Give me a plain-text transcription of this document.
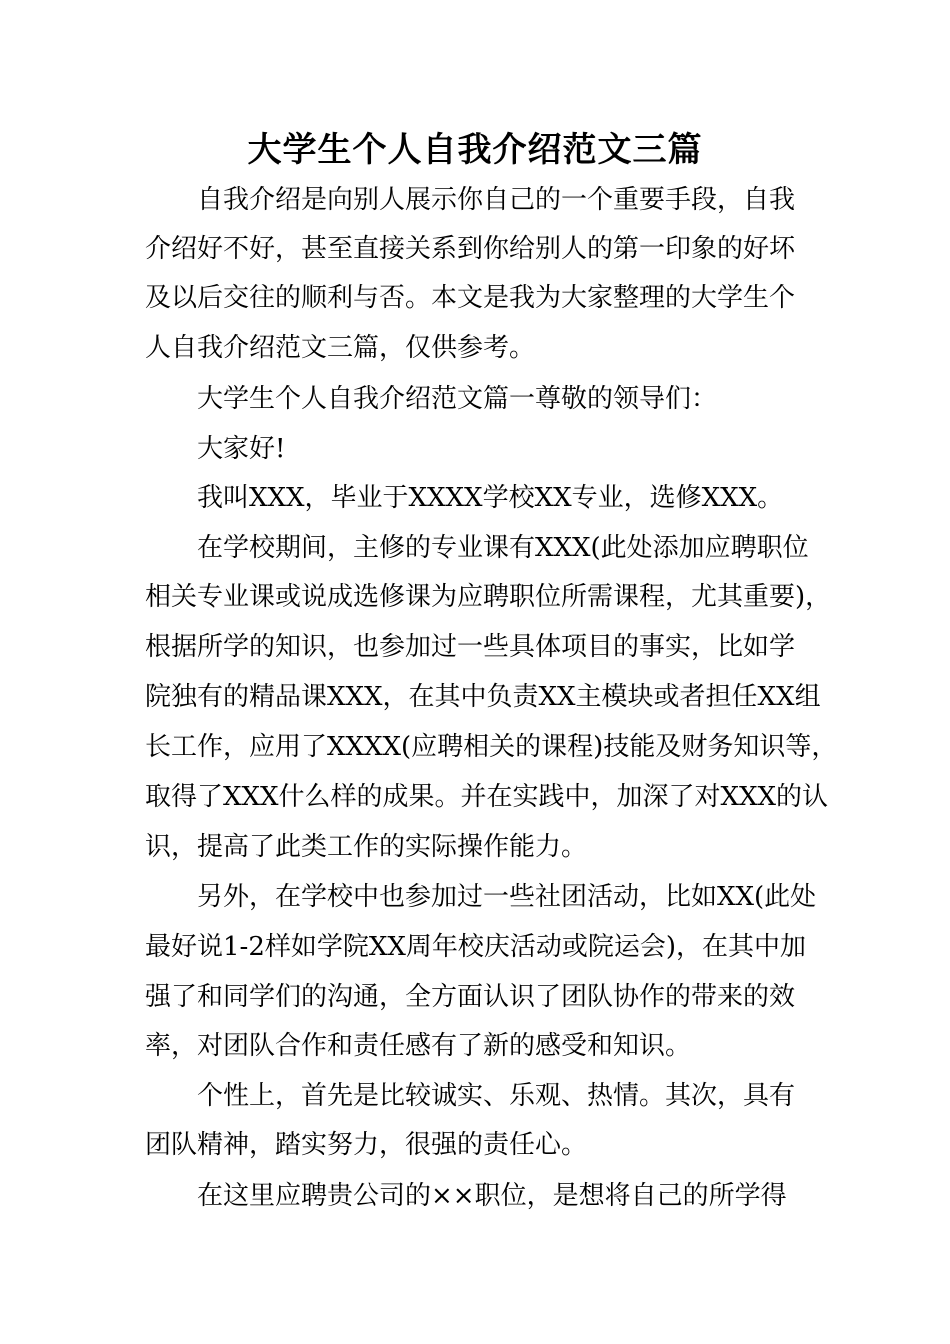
大学生个人自我介绍范文三篇
自我介绍是向别人展示你自己的一个重要手段，自我
介绍好不好，甚至直接关系到你给别人的第一印象的好坏
及以后交往的顺利与否。本文是我为大家整理的大学生个
人自我介绍范文三篇，仅供参考。
大学生个人自我介绍范文篇一尊敬的领导们：
大家好!
我叫XXX，毕业于XXXX学校XX专业，选修XXX。
在学校期间，主修的专业课有XXX(此处添加应聘职位
相关专业课或说成选修课为应聘职位所需课程，尤其重要)，
根据所学的知识，也参加过一些具体项目的事实，比如学
院独有的精品课XXX，在其中负责XX主模块或者担任XX组
长工作，应用了XXXX(应聘相关的课程)技能及财务知识等，
取得了XXX什么样的成果。并在实践中，加深了对XXX的认
识，提高了此类工作的实际操作能力。
另外，在学校中也参加过一些社团活动，比如XX(此处
最好说1-2样如学院XX周年校庆活动或院运会)，在其中加
强了和同学们的沟通，全方面认识了团队协作的带来的效
率，对团队合作和责任感有了新的感受和知识。
个性上，首先是比较诚实、乐观、热情。其次，具有
团队精神，踏实努力，很强的责任心。
在这里应聘贵公司的××职位，是想将自己的所学得
